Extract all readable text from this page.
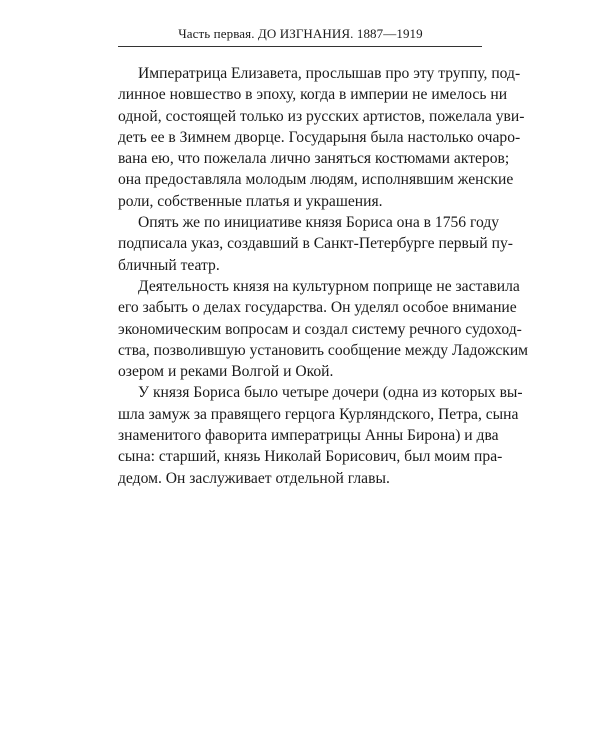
Часть первая. ДО ИЗГНАНИЯ. 1887—1919

Императрица Елизавета, прослышав про эту труппу, под-
линное новшество в эпоху, когда в империи не имелось ни
одной, состоящей только из русских артистов, пожелала уви-
деть ее в Зимнем дворце. Государыня была настолько очаро-
вана ею, что пожелала лично заняться костюмами актеров;
она предоставляла молодым людям, исполнявшим женские
роли, собственные платья и украшения.

Опять же по инициативе князя Бориса она в 1756 году
подписала указ, создавший в Санкт-Петербурге первый пу-
бличный театр.

Деятельность князя на культурном поприще не заставила
его забыть о делах государства. Он уделял особое внимание
экономическим вопросам и создал систему речного судоход-
ства, позволившую установить сообщение между Ладожским
озером и реками Волгой и Окой.

У князя Бориса было четыре дочери (одна из которых вы-
шла замуж за правящего герцога Курляндского, Петра, сына
знаменитого фаворита императрицы Анны Бирона) и два
сына: старший, князь Николай Борисович, был моим пра-
дедом. Он заслуживает отдельной главы.
